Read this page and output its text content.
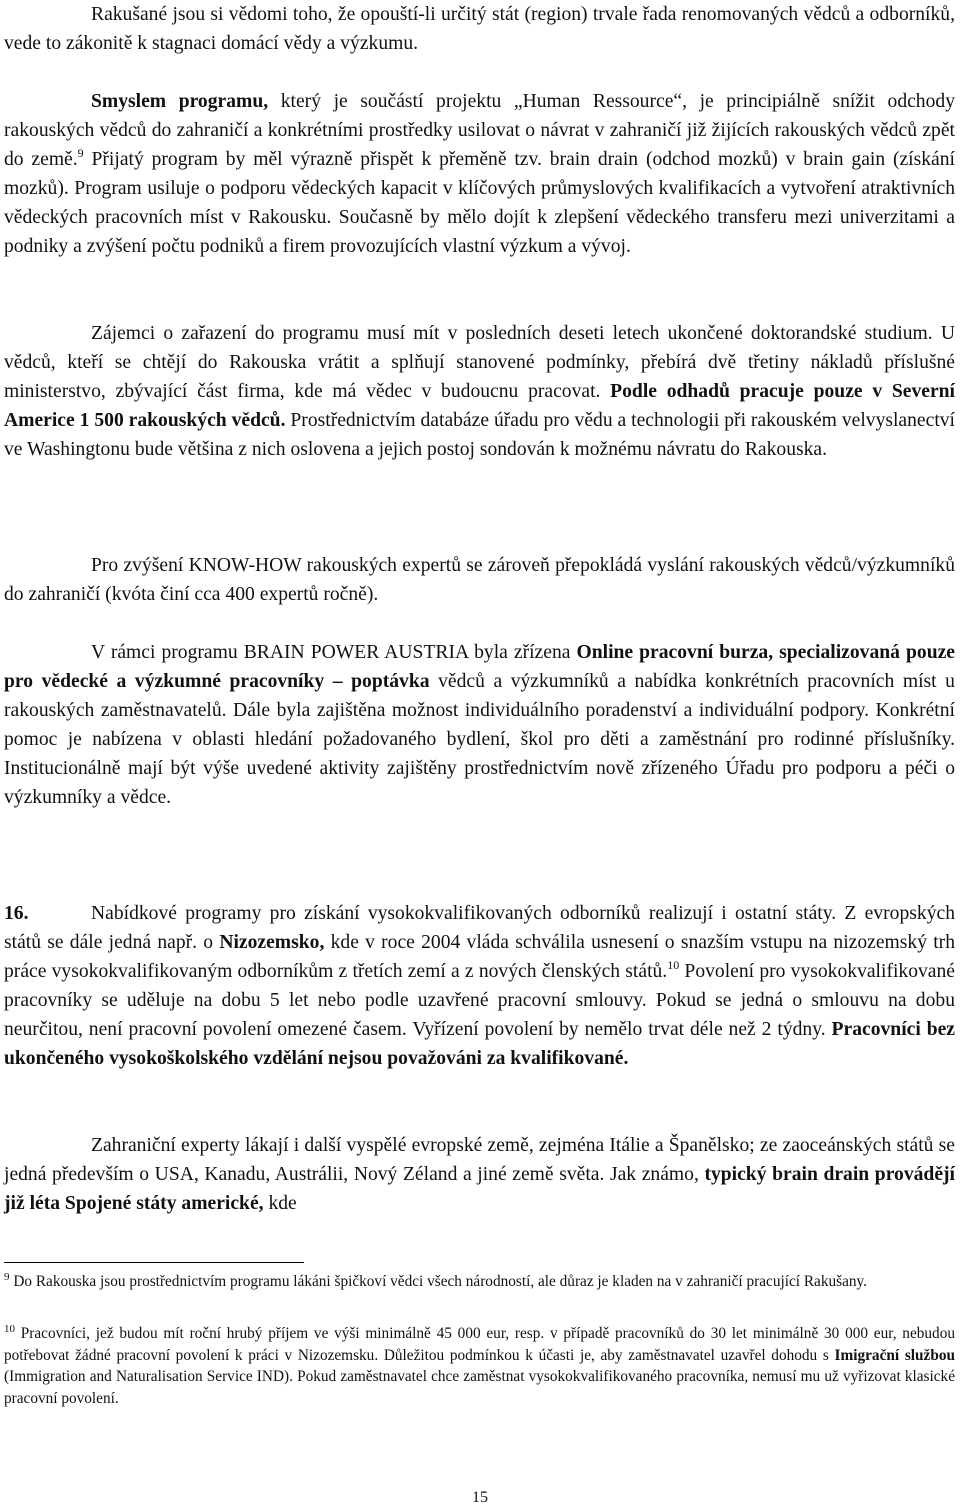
Rakušané jsou si vědomi toho, že opouští-li určitý stát (region) trvale řada renomovaných vědců a odborníků, vede to zákonitě k stagnaci domácí vědy a výzkumu.

Smyslem programu, který je součástí projektu „Human Ressource“, je principiálně snížit odchody rakouských vědců do zahraničí a konkrétními prostředky usilovat o návrat v zahraničí již žijících rakouských vědců zpět do země.$^9$ Přijatý program by měl výrazně přispět k přeměně tzv. brain drain (odchod mozků) v brain gain (získání mozků). Program usiluje o podporu vědeckých kapacit v klíčových průmyslových kvalifikacích a vytvoření atraktivních vědeckých pracovních míst v Rakousku. Současně by mělo dojít k zlepšení vědeckého transferu mezi univerzitami a podniky a zvýšení počtu podniků a firem provozujících vlastní výzkum a vývoj.

Zájemci o zařazení do programu musí mít v posledních deseti letech ukončené doktorandské studium. U vědců, kteří se chtějí do Rakouska vrátit a splňují stanovené podmínky, přebírá dvě třetiny nákladů příslušné ministerstvo, zbývající část firma, kde má vědec v budoucnu pracovat. Podle odhadů pracuje pouze v Severní Americe 1 500 rakouských vědců. Prostřednictvím databáze úřadu pro vědu a technologii při rakouském velvyslanectví ve Washingtonu bude většina z nich oslovena a jejich postoj sondován k možnému návratu do Rakouska.

Pro zvýšení KNOW-HOW rakouských expertů se zároveň přepokládá vyslání rakouských vědců/výzkumníků do zahraničí (kvóta činí cca 400 expertů ročně).

V rámci programu BRAIN POWER AUSTRIA byla zřízena Online pracovní burza, specializovaná pouze pro vědecké a výzkumné pracovníky – poptávka vědců a výzkumníků a nabídka konkrétních pracovních míst u rakouských zaměstnavatelů. Dále byla zajištěna možnost individuálního poradenství a individuální podpory. Konkrétní pomoc je nabízena v oblasti hledání požadovaného bydlení, škol pro děti a zaměstnání pro rodinné příslušníky. Institucionálně mají být výše uvedené aktivity zajištěny prostřednictvím nově zřízeného Úřadu pro podporu a péči o výzkumníky a vědce.

16.	Nabídkové programy pro získání vysokokvalifikovaných odborníků realizují i ostatní státy. Z evropských států se dále jedná např. o Nizozemsko, kde v roce 2004 vláda schválila usnesení o snazším vstupu na nizozemský trh práce vysokokvalifikovaným odborníkům z třetích zemí a z nových členských států.$^{10}$ Povolení pro vysokokvalifikované pracovníky se uděluje na dobu 5 let nebo podle uzavřené pracovní smlouvy. Pokud se jedná o smlouvu na dobu neurčitou, není pracovní povolení omezené časem. Vyřízení povolení by nemělo trvat déle než 2 týdny. Pracovníci bez ukončeného vysokoškolského vzdělání nejsou považováni za kvalifikované.

Zahraniční experty lákají i další vyspělé evropské země, zejména Itálie a Španělsko; ze zaoceánských států se jedná především o USA, Kanadu, Austrálii, Nový Zéland a jiné země světa. Jak známo, typický brain drain provádějí již léta Spojené státy americké, kde

$^9$ Do Rakouska jsou prostřednictvím programu lákáni špičkoví vědci všech národností, ale důraz je kladen na v zahraničí pracující Rakušany.

$^{10}$ Pracovníci, jež budou mít roční hrubý příjem ve výši minimálně 45 000 eur, resp. v případě pracovníků do 30 let minimálně 30 000 eur, nebudou potřebovat žádné pracovní povolení k práci v Nizozemsku. Důležitou podmínkou k účasti je, aby zaměstnavatel uzavřel dohodu s Imigrační službou (Immigration and Naturalisation Service IND). Pokud zaměstnavatel chce zaměstnat vysokokvalifikovaného pracovníka, nemusí mu už vyřizovat klasické pracovní povolení.

15
